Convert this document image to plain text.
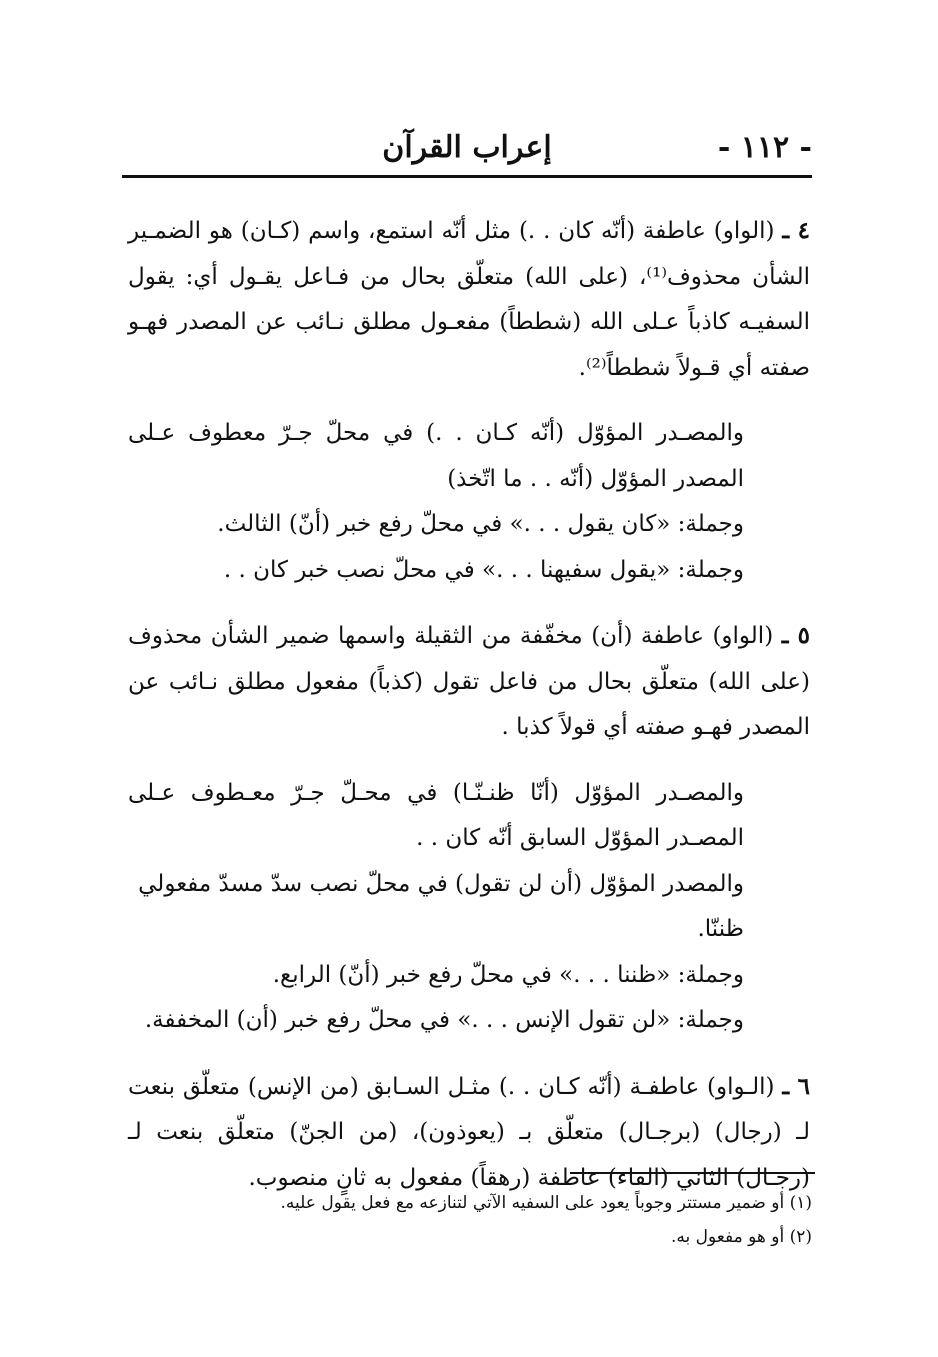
- ١١٢ -
إعراب القرآن

٤ ـ (الواو) عاطفة (أنّه كان . .) مثل أنّه استمع، واسم (كـان) هو الضمـير الشأن محذوف⁽¹⁾، (على الله) متعلّق بحال من فـاعل يقـول أي: يقول السفيـه كاذباً عـلى الله (شططاً) مفعـول مطلق نـائب عن المصدر فهـو صفته أي قـولاً شططاً⁽²⁾.

والمصـدر المؤوّل (أنّه كـان . .) في محلّ جـرّ معطوف عـلى المصدر المؤوّل (أنّه . . ما اتّخذ)

وجملة: «كان يقول . . .» في محلّ رفع خبر (أنّ) الثالث.
وجملة: «يقول سفيهنا . . .» في محلّ نصب خبر كان . .

٥ ـ (الواو) عاطفة (أن) مخفّفة من الثقيلة واسمها ضمير الشأن محذوف (على الله) متعلّق بحال من فاعل تقول (كذباً) مفعول مطلق نـائب عن المصدر فهـو صفته أي قولاً كذبا .

والمصـدر المؤوّل (أنّا ظنـنّـا) في محـلّ جـرّ معـطوف عـلى المصـدر المؤوّل السابق أنّه كان . .

والمصدر المؤوّل (أن لن تقول) في محلّ نصب سدّ مسدّ مفعولي ظننّا.
وجملة: «ظننا . . .» في محلّ رفع خبر (أنّ) الرابع.
وجملة: «لن تقول الإنس . . .» في محلّ رفع خبر (أن) المخففة.

٦ ـ (الـواو) عاطفـة (أنّه كـان . .) مثـل السـابق (من الإنس) متعلّق بنعت لـ (رجال) (برجـال) متعلّق بـ (يعوذون)، (من الجنّ) متعلّق بنعت لـ (رجـال) الثاني (الفاء) عاطفة (رهقاً) مفعول به ثانٍ منصوب.

(١) أو ضمير مستتر وجوباً يعود على السفيه الآتي لتنازعه مع فعل يقول عليه.
(٢) أو هو مفعول به.
